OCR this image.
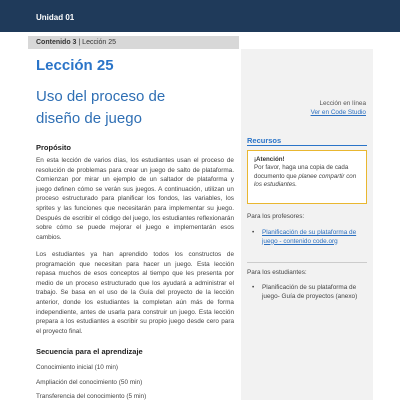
Unidad 01
Contenido 3 | Lección 25
Lección 25
Uso del proceso de
diseño de juego
Propósito
En esta lección de varios días, los estudiantes usan el proceso de resolución de problemas para crear un juego de salto de plataforma. Comienzan por mirar un ejemplo de un saltador de plataforma y juego definen cómo se verán sus juegos. A continuación, utilizan un proceso estructurado para planificar los fondos, las variables, los sprites y las funciones que necesitarán para implementar su juego. Después de escribir el código del juego, los estudiantes reflexionarán sobre cómo se puede mejorar el juego e implementarán esos cambios.
Los estudiantes ya han aprendido todos los constructos de programación que necesitan para hacer un juego. Esta lección repasa muchos de esos conceptos al tiempo que les presenta por medio de un proceso estructurado que los ayudará a administrar el trabajo. Se basa en el uso de la Guía del proyecto de la lección anterior, donde los estudiantes la completan aún más de forma independiente, antes de usarla para construir un juego. Esta lección prepara a los estudiantes a escribir su propio juego desde cero para el proyecto final.
Secuencia para el aprendizaje
Conocimiento inicial (10 min)
Ampliación del conocimiento (50 min)
Transferencia del conocimiento (5 min)
Lección en línea
Ver en Code Studio
Recursos
¡Atención!
Por favor, haga una copia de cada documento que planee compartir con los estudiantes.
Para los profesores:
•	Planificación de su plataforma de juego - contenido code.org
Para los estudiantes:
•	Planificación de su plataforma de juego- Guía de proyectos (anexo)
